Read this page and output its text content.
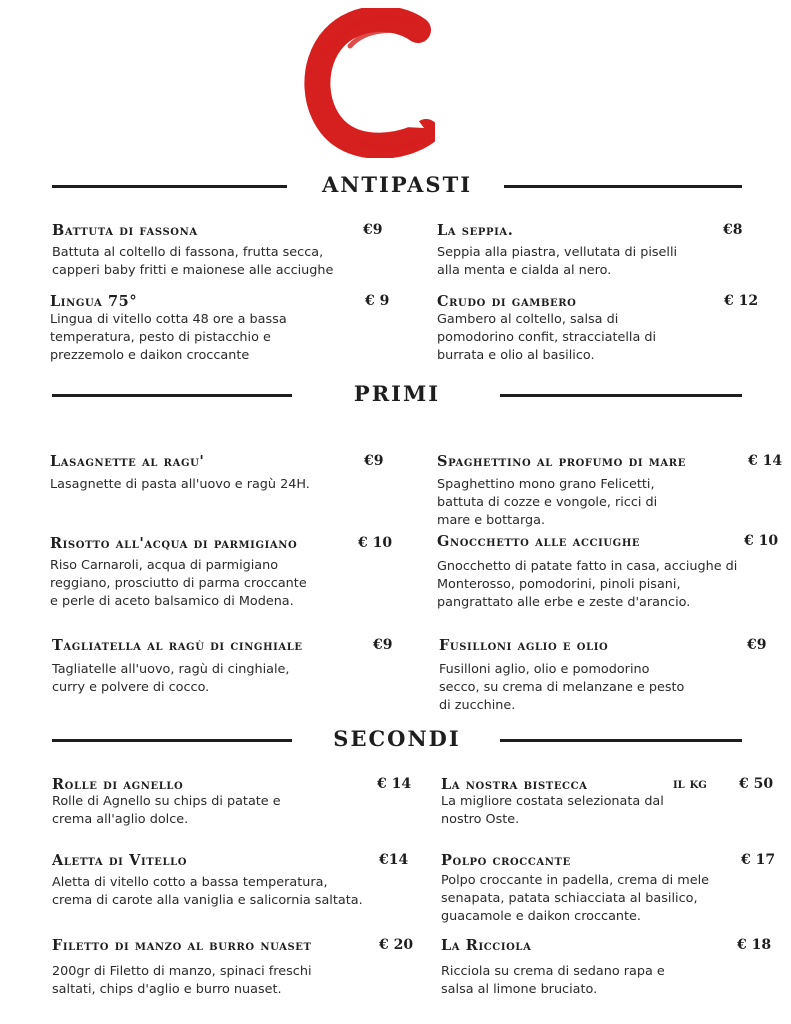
ANTIPASTI
PRIMI
SECONDI
Battuta di fassona	€9
Battuta al coltello di fassona, frutta secca,
capperi baby fritti e maionese alle acciughe
La seppia.	€8
Seppia alla piastra, vellutata di piselli
alla menta e cialda al nero.
Lingua 75°	€ 9
Lingua di vitello cotta 48 ore a bassa
temperatura, pesto di pistacchio e
prezzemolo e daikon croccante
Crudo di gambero	€ 12
Gambero al coltello, salsa di
pomodorino confit, stracciatella di
burrata e olio al basilico.
Lasagnette al ragu'	€9
Lasagnette di pasta all'uovo e ragù 24H.
Spaghettino al profumo di mare	€ 14
Spaghettino mono grano Felicetti,
battuta di cozze e vongole, ricci di
mare e bottarga.
Risotto all'acqua di parmigiano	€ 10
Riso Carnaroli, acqua di parmigiano
reggiano, prosciutto di parma croccante
e perle di aceto balsamico di Modena.
Gnocchetto alle acciughe	€ 10
Gnocchetto di patate fatto in casa, acciughe di
Monterosso, pomodorini, pinoli pisani,
pangrattato alle erbe e zeste d'arancio.
Tagliatella al ragù di cinghiale	€9
Tagliatelle all'uovo, ragù di cinghiale,
curry e polvere di cocco.
Fusilloni aglio e olio	€9
Fusilloni aglio, olio e pomodorino
secco, su crema di melanzane e pesto
di zucchine.
Rolle di agnello	€ 14
Rolle di Agnello su chips di patate e
crema all'aglio dolce.
La nostra bistecca	il kg € 50
La migliore costata selezionata dal
nostro Oste.
Aletta di Vitello	€14
Aletta di vitello cotto a bassa temperatura,
crema di carote alla vaniglia e salicornia saltata.
Polpo croccante	€ 17
Polpo croccante in padella, crema di mele
senapata, patata schiacciata al basilico,
guacamole e daikon croccante.
Filetto di manzo al burro nuaset	€ 20
200gr di Filetto di manzo, spinaci freschi
saltati, chips d'aglio e burro nuaset.
La Ricciola	€ 18
Ricciola su crema di sedano rapa e
salsa al limone bruciato.
